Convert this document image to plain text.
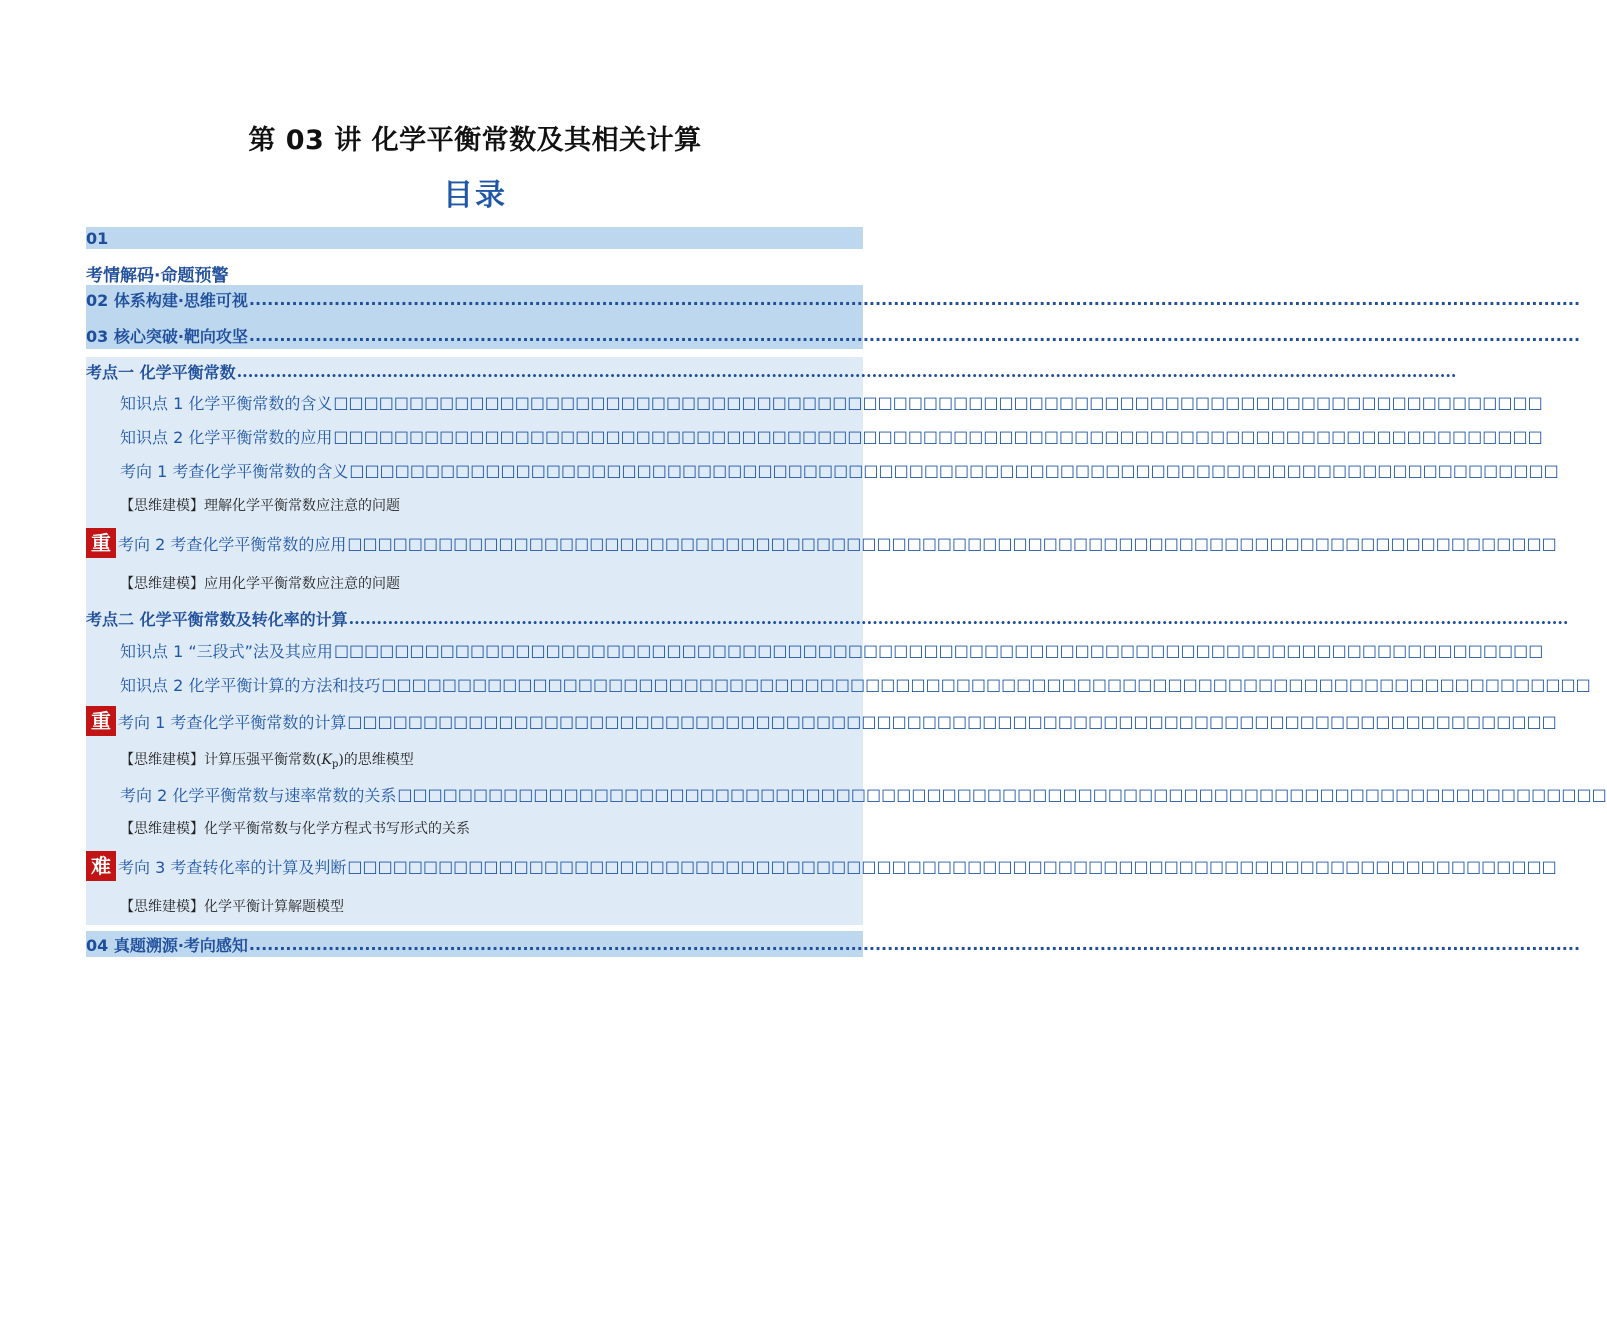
第 03 讲 化学平衡常数及其相关计算
目录
01
考情解码·命题预警
02 体系构建·思维可视 ...........................................................................................................................................................................................................................
03 核心突破·靶向攻坚 ...........................................................................................................................................................................................................................
考点一 化学平衡常数 ...........................................................................................................................................................................................................................
知识点 1 化学平衡常数的含义 □□□□□□□□□□□□□□□□□□□□□□□□□□□□□□□□□□□□□□□□□□□□□□□□□□□□□□□□□□□□□□□□□□□□□□□□□□□□□□□□
知识点 2 化学平衡常数的应用 □□□□□□□□□□□□□□□□□□□□□□□□□□□□□□□□□□□□□□□□□□□□□□□□□□□□□□□□□□□□□□□□□□□□□□□□□□□□□□□□
考向 1 考查化学平衡常数的含义 □□□□□□□□□□□□□□□□□□□□□□□□□□□□□□□□□□□□□□□□□□□□□□□□□□□□□□□□□□□□□□□□□□□□□□□□□□□□□□□□
【思维建模】理解化学平衡常数应注意的问题
重 考向 2 考查化学平衡常数的应用 □□□□□□□□□□□□□□□□□□□□□□□□□□□□□□□□□□□□□□□□□□□□□□□□□□□□□□□□□□□□□□□□□□□□□□□□□□□□□□□□
【思维建模】应用化学平衡常数应注意的问题
考点二 化学平衡常数及转化率的计算 ...........................................................................................................................................................................................................................
知识点 1 “三段式”法及其应用 □□□□□□□□□□□□□□□□□□□□□□□□□□□□□□□□□□□□□□□□□□□□□□□□□□□□□□□□□□□□□□□□□□□□□□□□□□□□□□□□
知识点 2 化学平衡计算的方法和技巧 □□□□□□□□□□□□□□□□□□□□□□□□□□□□□□□□□□□□□□□□□□□□□□□□□□□□□□□□□□□□□□□□□□□□□□□□□□□□□□□□
重 考向 1 考查化学平衡常数的计算 □□□□□□□□□□□□□□□□□□□□□□□□□□□□□□□□□□□□□□□□□□□□□□□□□□□□□□□□□□□□□□□□□□□□□□□□□□□□□□□□
【思维建模】计算压强平衡常数$(K_p)$的思维模型
考向 2 化学平衡常数与速率常数的关系 □□□□□□□□□□□□□□□□□□□□□□□□□□□□□□□□□□□□□□□□□□□□□□□□□□□□□□□□□□□□□□□□□□□□□□□□□□□□□□□□
【思维建模】化学平衡常数与化学方程式书写形式的关系
难 考向 3 考查转化率的计算及判断 □□□□□□□□□□□□□□□□□□□□□□□□□□□□□□□□□□□□□□□□□□□□□□□□□□□□□□□□□□□□□□□□□□□□□□□□□□□□□□□□
【思维建模】化学平衡计算解题模型
04 真题溯源·考向感知 ...........................................................................................................................................................................................................................
